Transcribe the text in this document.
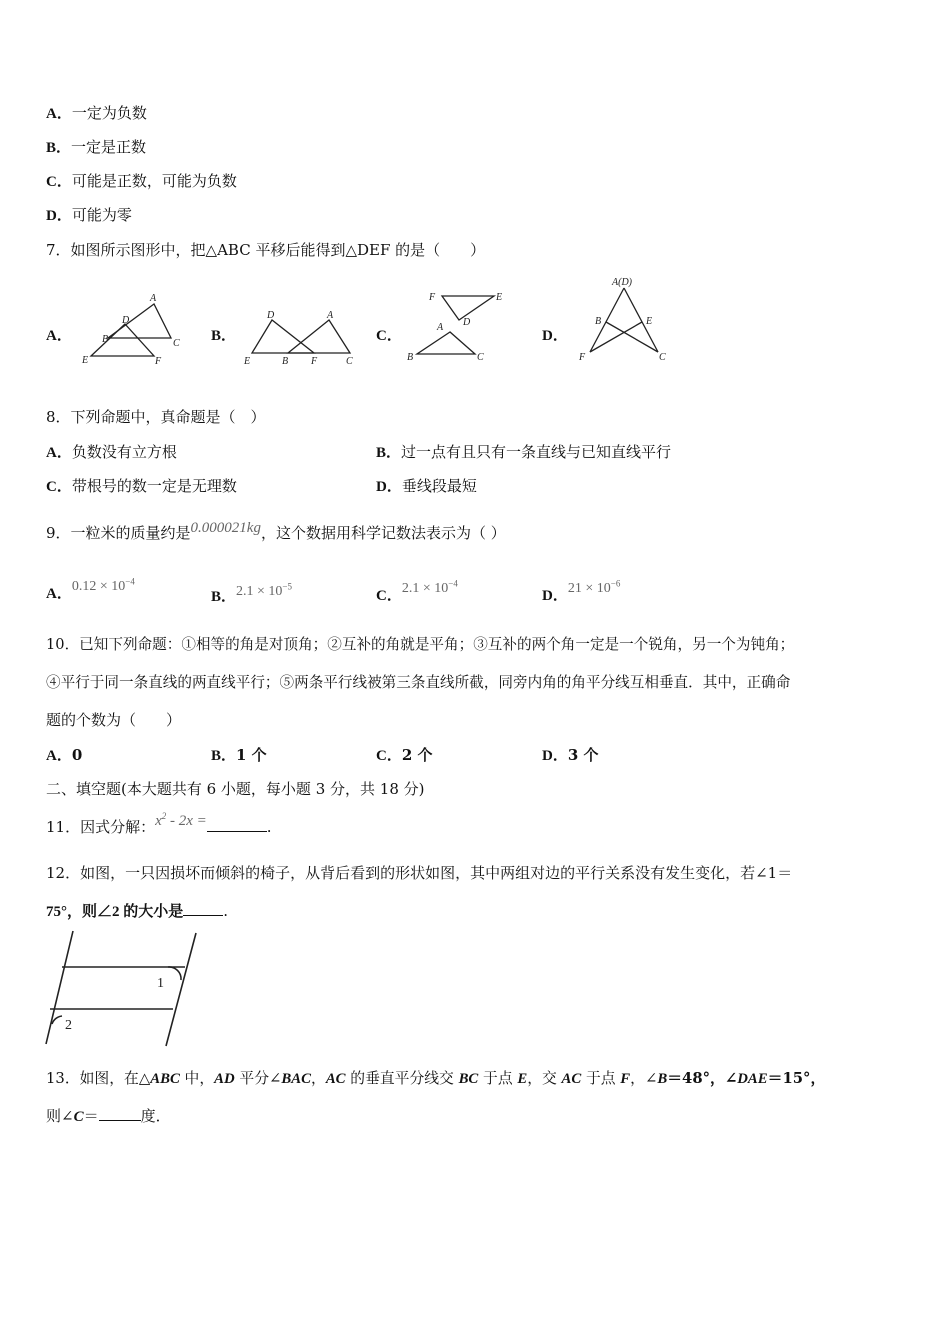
A．一定为负数
B．一定是正数
C．可能是正数，可能为负数
D．可能为零
7．如图所示图形中，把△ABC 平移后能得到△DEF 的是（　　）
A．
A
B	C
D
E	F
B．
D	A
E	B F	C
C．
F	E
D
A
B	C
D．
A(D)
B	E
F	C
8．下列命题中，真命题是（　）
A．负数没有立方根	B．过一点有且只有一条直线与已知直线平行
C．带根号的数一定是无理数	D．垂线段最短
9．一粒米的质量约是0.000021kg，这个数据用科学记数法表示为（ ）
A．$0.12 \times 10^{-4}$
B．$2.1 \times 10^{-5}$
C．$2.1 \times 10^{-4}$
D．$21 \times 10^{-6}$
10．已知下列命题：①相等的角是对顶角；②互补的角就是平角；③互补的两个角一定是一个锐角，另一个为钝角；
④平行于同一条直线的两直线平行；⑤两条平行线被第三条直线所截，同旁内角的角平分线互相垂直．其中，正确命
题的个数为（　　）
A．0	B．1 个	C．2 个	D．3 个
二、填空题(本大题共有 6 小题，每小题 3 分，共 18 分)
11．因式分解：$x^2 - 2x$ =	.
12．如图，一只因损坏而倾斜的椅子，从背后看到的形状如图，其中两组对边的平行关系没有发生变化，若∠1＝
75°，则∠2 的大小是	.
1
2
13．如图，在△ABC 中，AD 平分∠BAC，AC 的垂直平分线交 BC 于点 E，交 AC 于点 F，∠B＝48°，∠DAE＝15°，
则∠C＝	度．
